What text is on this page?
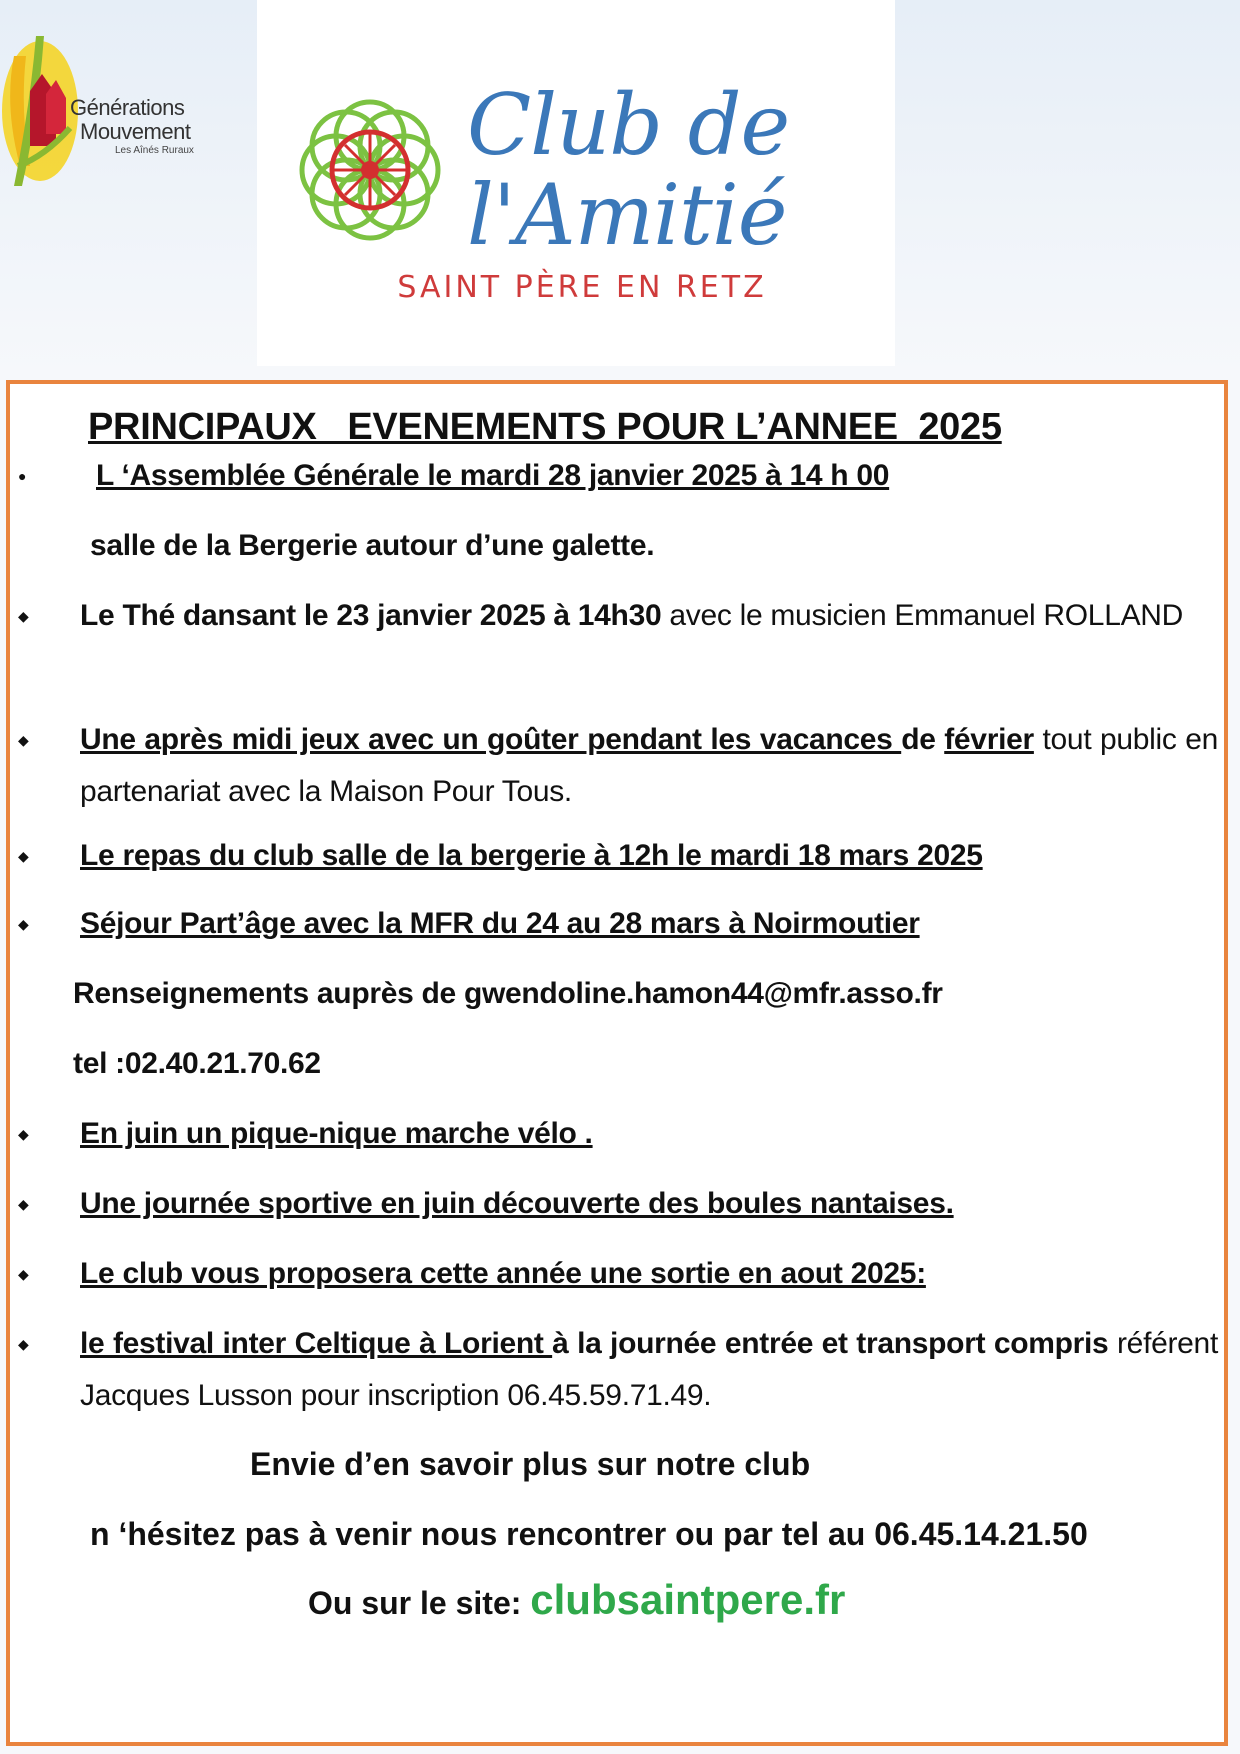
Générations
Mouvement
Les Aînés Ruraux	Club de
l'Amitié
SAINT PÈRE EN RETZ
PRINCIPAUX   EVENEMENTS POUR L’ANNEE  2025
● L ‘Assemblée Générale le mardi 28 janvier 2025 à 14 h 00
salle de la Bergerie autour d’une galette.
◆ Le Thé dansant le 23 janvier 2025 à 14h30 avec le musicien Emmanuel ROLLAND
◆ Une après midi jeux avec un goûter pendant les vacances de février tout public en partenariat avec la Maison Pour Tous.
◆ Le repas du club salle de la bergerie à 12h le mardi 18 mars 2025
◆ Séjour Part’âge avec la MFR du 24 au 28 mars à Noirmoutier
Renseignements auprès de gwendoline.hamon44@mfr.asso.fr
tel :02.40.21.70.62
◆ En juin un pique-nique marche vélo .
◆ Une journée sportive en juin découverte des boules nantaises.
◆ Le club vous proposera cette année une sortie en aout 2025:
◆ le festival inter Celtique à Lorient à la journée entrée et transport compris référent Jacques Lusson pour inscription 06.45.59.71.49.
Envie d’en savoir plus sur notre club
n ‘hésitez pas à venir nous rencontrer ou par tel au 06.45.14.21.50
Ou sur le site: clubsaintpere.fr
